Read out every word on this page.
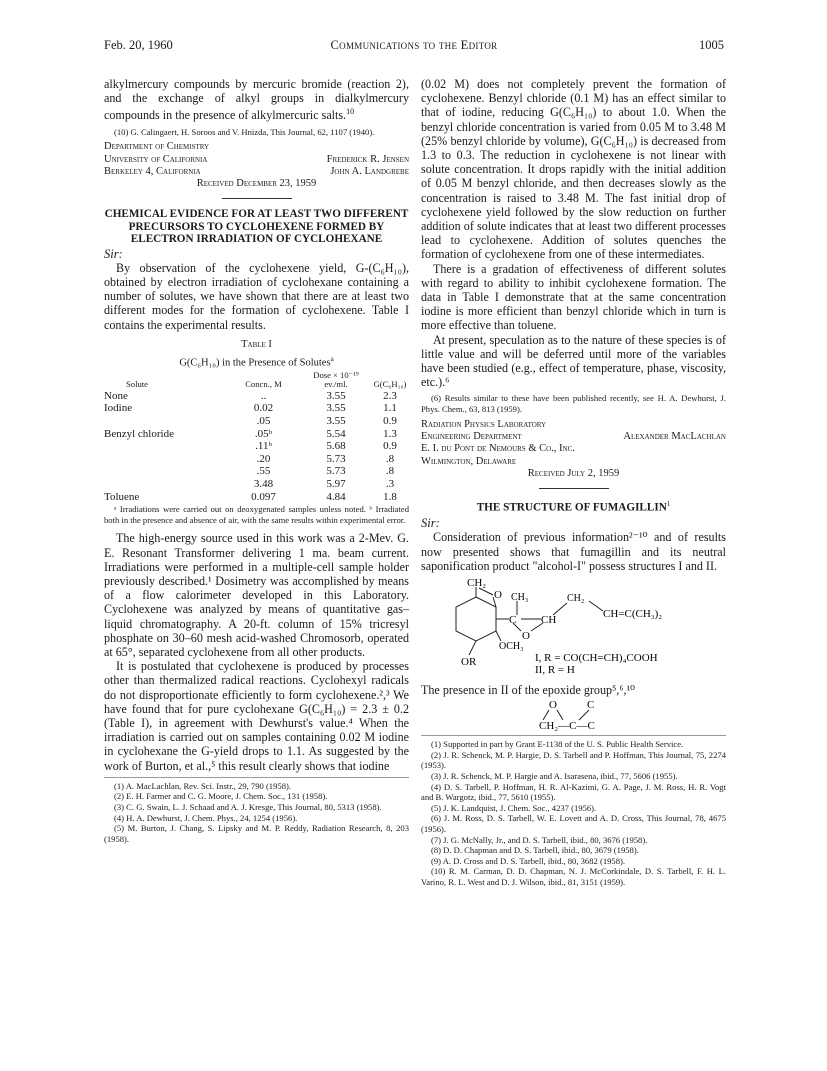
Feb. 20, 1960	Communications to the Editor	1005

alkylmercury compounds by mercuric bromide (reaction 2), and the exchange of alkyl groups in dialkylmercury compounds in the presence of alkylmercuric salts.$^{10}$

(10) G. Calingaert, H. Soroos and V. Hnizda, This Journal, 62, 1107 (1940).

Department of Chemistry
University of California	Frederick R. Jensen
Berkeley 4, California	John A. Landgrebe
Received December 23, 1959

CHEMICAL EVIDENCE FOR AT LEAST TWO DIFFERENT PRECURSORS TO CYCLOHEXENE FORMED BY ELECTRON IRRADIATION OF CYCLOHEXANE

Sir:

By observation of the cyclohexene yield, G-(C₆H₁₀), obtained by electron irradiation of cyclohexane containing a number of solutes, we have shown that there are at least two different modes for the formation of cyclohexene. Table I contains the experimental results.

Table I
G(C₆H₁₀) in the Presence of Solutes$^a$
Solute	Concn., M	Dose × 10⁻¹⁹ ev./ml.	G(C₆H₁₀)
None	..	3.55	2.3
Iodine	0.02	3.55	1.1
	.05	3.55	0.9
Benzyl chloride	.05ᵇ	5.54	1.3
	.11ᵇ	5.68	0.9
	.20	5.73	.8
	.55	5.73	.8
	3.48	5.97	.3
Toluene	0.097	4.84	1.8

ᵃ Irradiations were carried out on deoxygenated samples unless noted. ᵇ Irradiated both in the presence and absence of air, with the same results within experimental error.

The high-energy source used in this work was a 2-Mev. G. E. Resonant Transformer delivering 1 ma. beam current. Irradiations were performed in a multiple-cell sample holder previously described.¹ Dosimetry was accomplished by means of a flow calorimeter developed in this Laboratory. Cyclohexene was analyzed by means of quantitative gas–liquid chromatography. A 20-ft. column of 15% tricresyl phosphate on 30–60 mesh acid-washed Chromosorb, operated at 65°, separated cyclohexene from all other products.

It is postulated that cyclohexene is produced by processes other than thermalized radical reactions. Cyclohexyl radicals do not disproportionate efficiently to form cyclohexene.²,³ We have found that for pure cyclohexane G(C₆H₁₀) = 2.3 ± 0.2 (Table I), in agreement with Dewhurst's value.⁴ When the irradiation is carried out on samples containing 0.02 M iodine in cyclohexane the G-yield drops to 1.1. As suggested by the work of Burton, et al.,⁵ this result clearly shows that iodine

(1) A. MacLachlan, Rev. Sci. Instr., 29, 790 (1958).

(2) E. H. Farmer and C. G. Moore, J. Chem. Soc., 131 (1958).

(3) C. G. Swain, L. J. Schaad and A. J. Kresge, This Journal, 80, 5313 (1958).

(4) H. A. Dewhurst, J. Chem. Phys., 24, 1254 (1956).

(5) M. Burton, J. Chang, S. Lipsky and M. P. Reddy, Radiation Research, 8, 203 (1958).

(0.02 M) does not completely prevent the formation of cyclohexene. Benzyl chloride (0.1 M) has an effect similar to that of iodine, reducing G(C₆H₁₀) to about 1.0. When the benzyl chloride concentration is varied from 0.05 M to 3.48 M (25% benzyl chloride by volume), G(C₆H₁₀) is decreased from 1.3 to 0.3. The reduction in cyclohexene is not linear with solute concentration. It drops rapidly with the initial addition of 0.05 M benzyl chloride, and then decreases slowly as the concentration is raised to 3.48 M. The fast initial drop of cyclohexene yield followed by the slow reduction on further addition of solute indicates that at least two different processes lead to cyclohexene. Addition of solutes quenches the formation of cyclohexene from one of these intermediates.

There is a gradation of effectiveness of different solutes with regard to ability to inhibit cyclohexene formation. The data in Table I demonstrate that at the same concentration iodine is more efficient than benzyl chloride which in turn is more effective than toluene.

At present, speculation as to the nature of these species is of little value and will be deferred until more of the variables have been studied (e.g., effect of temperature, phase, viscosity, etc.).⁶

(6) Results similar to these have been published recently, see H. A. Dewhurst, J. Phys. Chem., 63, 813 (1959).

Radiation Physics Laboratory
Engineering Department	Alexander MacLachlan
E. I. du Pont de Nemours & Co., Inc.
Wilmington, Delaware
Received July 2, 1959

THE STRUCTURE OF FUMAGILLIN$^1$

Sir:

Consideration of previous information²⁻¹⁰ and of results now presented shows that fumagillin and its neutral saponification product "alcohol-I" possess structures I and II.

CH₂
O CH₃	CH₂
C CH	CH=C(CH₃)₂
O
OCH₃
OR	I, R = CO(CH=CH)₄COOH
II, R = H

The presence in II of the epoxide group⁵,⁶,¹⁰

O	C
CH₂—C—C

(1) Supported in part by Grant E-1138 of the U. S. Public Health Service.

(2) J. R. Schenck, M. P. Hargie, D. S. Tarbell and P. Hoffman, This Journal, 75, 2274 (1953).

(3) J. R. Schenck, M. P. Hargie and A. Isarasena, ibid., 77, 5606 (1955).

(4) D. S. Tarbell, P. Hoffman, H. R. Al-Kazimi, G. A. Page, J. M. Ross, H. R. Vogt and B. Wargotz, ibid., 77, 5610 (1955).

(5) J. K. Landquist, J. Chem. Soc., 4237 (1956).

(6) J. M. Ross, D. S. Tarbell, W. E. Lovett and A. D. Cross, This Journal, 78, 4675 (1956).

(7) J. G. McNally, Jr., and D. S. Tarbell, ibid., 80, 3676 (1958).

(8) D. D. Chapman and D. S. Tarbell, ibid., 80, 3679 (1958).

(9) A. D. Cross and D. S. Tarbell, ibid., 80, 3682 (1958).

(10) R. M. Carman, D. D. Chapman, N. J. McCorkindale, D. S. Tarbell, F. H. L. Varino, R. L. West and D. J. Wilson, ibid., 81, 3151 (1959).
